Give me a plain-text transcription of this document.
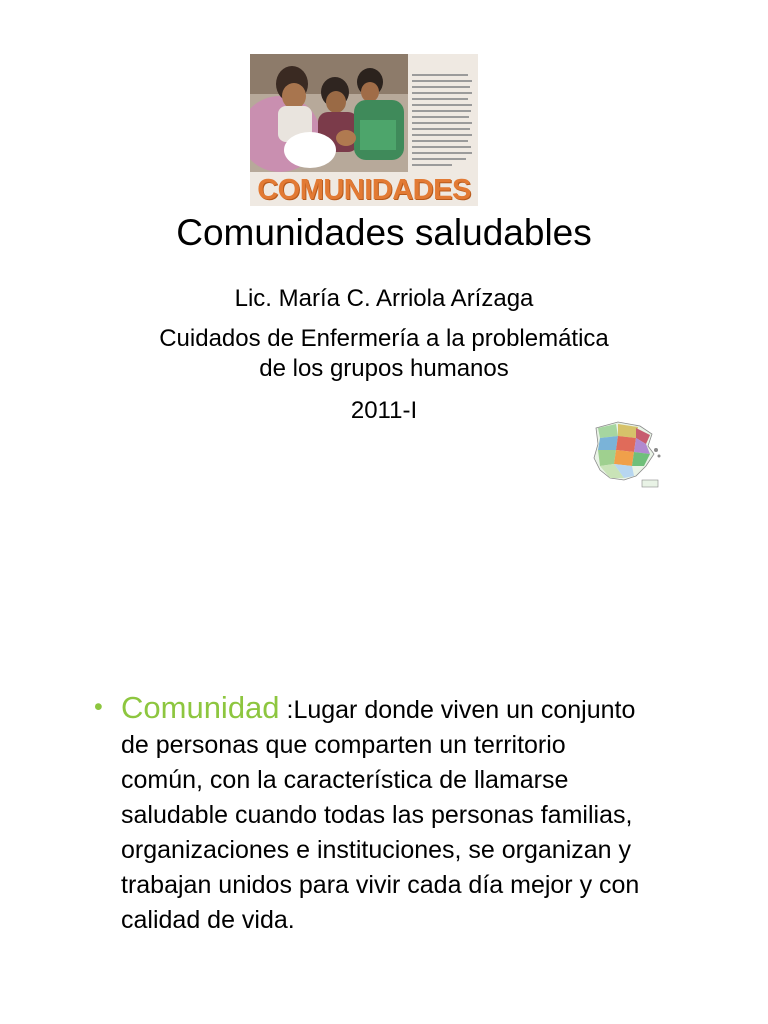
COMUNIDADES
Comunidades saludables

Lic. María C. Arriola Arízaga

Cuidados de Enfermería a la problemática

de los grupos humanos

2011-I

• Comunidad :Lugar donde viven un conjunto de personas que comparten un territorio común, con la característica de llamarse saludable cuando todas las personas familias, organizaciones e instituciones, se organizan y trabajan unidos para vivir cada día mejor y con calidad de vida.
